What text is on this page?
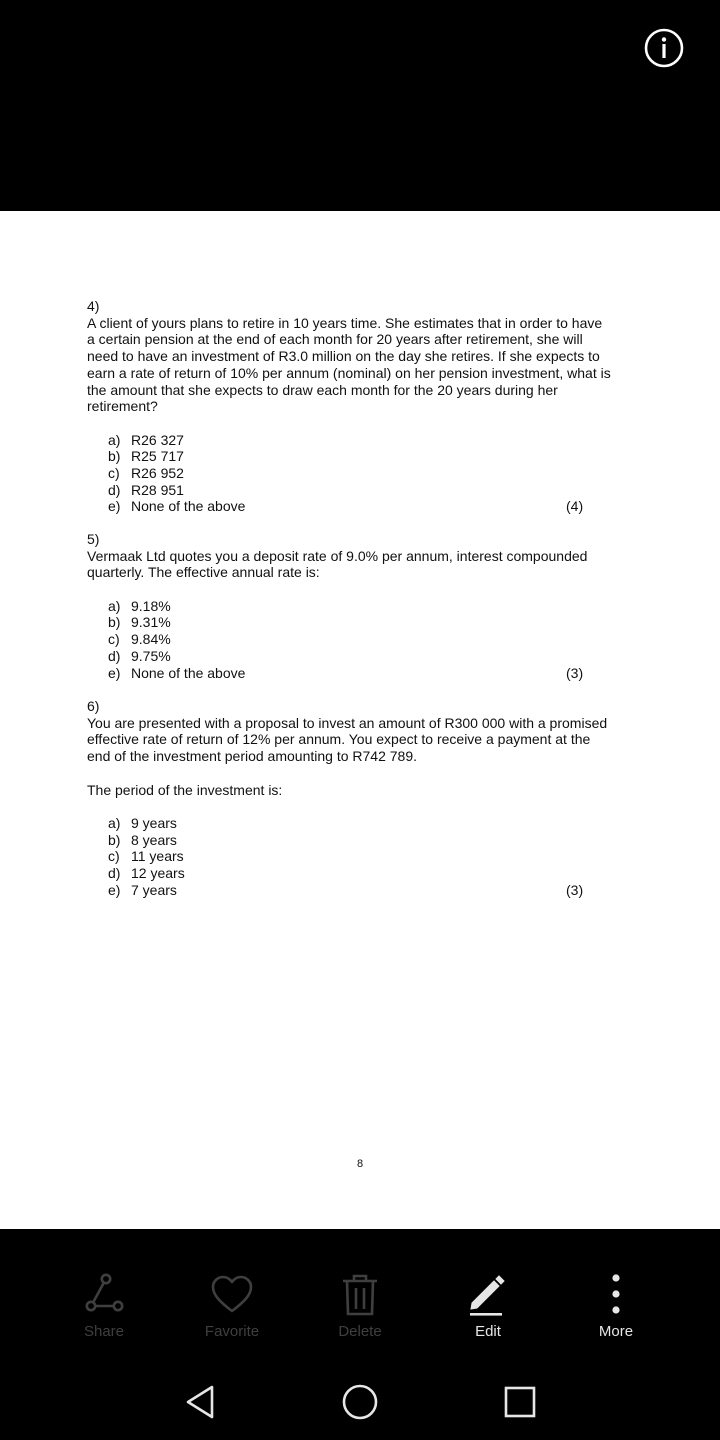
4)

A client of yours plans to retire in 10 years time. She estimates that in order to have

a certain pension at the end of each month for 20 years after retirement, she will

need to have an investment of R3.0 million on the day she retires. If she expects to

earn a rate of return of 10% per annum (nominal) on her pension investment, what is

the amount that she expects to draw each month for the 20 years during her

retirement?

a) R26 327
b) R25 717
c) R26 952
d) R28 951
e) None of the above	(4)

5)

Vermaak Ltd quotes you a deposit rate of 9.0% per annum, interest compounded

quarterly. The effective annual rate is:

a) 9.18%
b) 9.31%
c) 9.84%
d) 9.75%
e) None of the above	(3)

6)

You are presented with a proposal to invest an amount of R300 000 with a promised

effective rate of return of 12% per annum. You expect to receive a payment at the

end of the investment period amounting to R742 789.

The period of the investment is:

a) 9 years
b) 8 years
c) 11 years
d) 12 years
e) 7 years	(3)
8
Share	Favorite	Delete	Edit	More
